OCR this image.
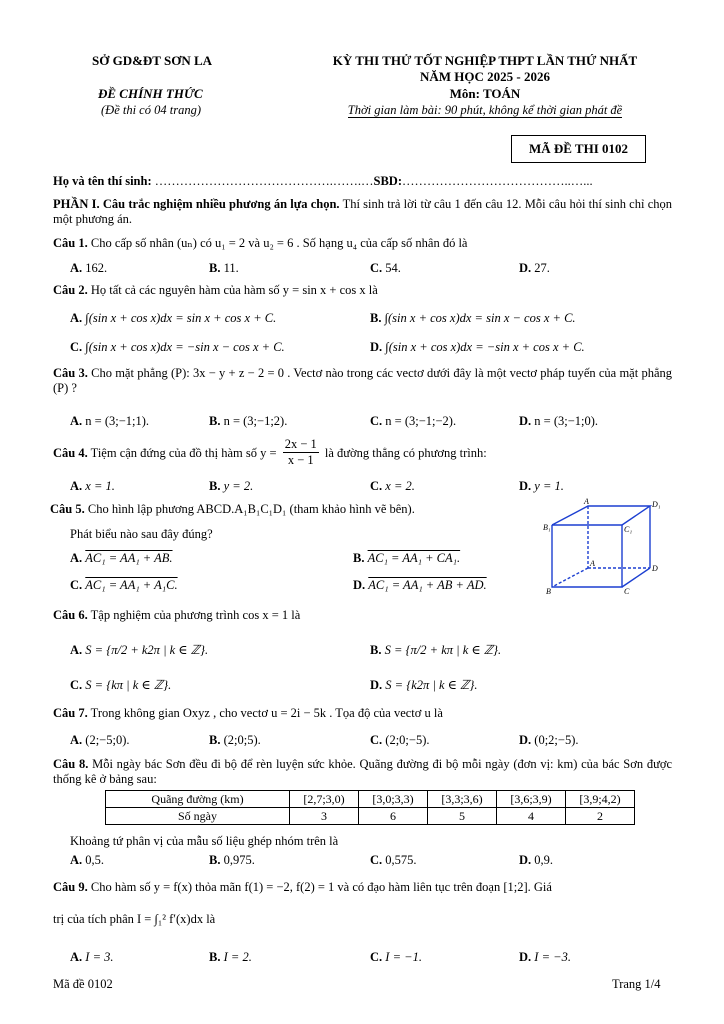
SỞ GD&ĐT SƠN LA
ĐỀ CHÍNH THỨC
(Đề thi có 04 trang)
KỲ THI THỬ TỐT NGHIỆP THPT LẦN THỨ NHẤT
NĂM HỌC 2025 - 2026
Môn: TOÁN
Thời gian làm bài: 90 phút, không kể thời gian phát đề
MÃ ĐỀ THI 0102
Họ và tên thí sinh: …………………………………….…….…SBD:…………………………………..…...
PHẦN I. Câu trắc nghiệm nhiều phương án lựa chọn. Thí sinh trả lời từ câu 1 đến câu 12. Mỗi câu hỏi thí sinh chỉ chọn một phương án.
Câu 1. Cho cấp số nhân (uₙ) có u₁ = 2 và u₂ = 6 . Số hạng u₄ của cấp số nhân đó là
A. 162.	B. 11.	C. 54.	D. 27.
Câu 2. Họ tất cả các nguyên hàm của hàm số y = sin x + cos x là
A. ∫(sin x + cos x)dx = sin x + cos x + C.	B. ∫(sin x + cos x)dx = sin x − cos x + C.
C. ∫(sin x + cos x)dx = −sin x − cos x + C.	D. ∫(sin x + cos x)dx = −sin x + cos x + C.
Câu 3. Cho mặt phẳng (P): 3x − y + z − 2 = 0 . Vectơ nào trong các vectơ dưới đây là một vectơ pháp tuyến của mặt phẳng (P) ?
A. n = (3;−1;1).	B. n = (3;−1;2).	C. n = (3;−1;−2).	D. n = (3;−1;0).
Câu 4. Tiệm cận đứng của đồ thị hàm số $y = \frac{2x - 1}{x - 1}$ là đường thẳng có phương trình:
A. x = 1.	B. y = 2.	C. x = 2.	D. y = 1.
Câu 5. Cho hình lập phương ABCD.A₁B₁C₁D₁ (tham khảo hình vẽ bên).
Phát biểu nào sau đây đúng?
A. AC₁ = AA₁ + AB.	B. AC₁ = AA₁ + CA₁.
C. AC₁ = AA₁ + A₁C.	D. AC₁ = AA₁ + AB + AD.
A	D₁
B₁	C₁
A
D
B	C
Câu 6. Tập nghiệm của phương trình cos x = 1 là
A. S = {π/2 + k2π | k ∈ ℤ}.	B. S = {π/2 + kπ | k ∈ ℤ}.
C. S = {kπ | k ∈ ℤ}.	D. S = {k2π | k ∈ ℤ}.
Câu 7. Trong không gian Oxyz , cho vectơ u = 2i − 5k . Tọa độ của vectơ u là
A. (2;−5;0).	B. (2;0;5).	C. (2;0;−5).	D. (0;2;−5).
Câu 8. Mỗi ngày bác Sơn đều đi bộ để rèn luyện sức khỏe. Quãng đường đi bộ mỗi ngày (đơn vị: km) của bác Sơn được thống kê ở bảng sau:
Quãng đường (km)	[2,7;3,0)	[3,0;3,3)	[3,3;3,6)	[3,6;3,9)	[3,9;4,2)
Số ngày	3	6	5	4	2
Khoảng tứ phân vị của mẫu số liệu ghép nhóm trên là
A. 0,5.	B. 0,975.	C. 0,575.	D. 0,9.
Câu 9. Cho hàm số y = f(x) thỏa mãn f(1) = −2, f(2) = 1 và có đạo hàm liên tục trên đoạn [1;2]. Giá
trị của tích phân I = ∫₁² f′(x)dx là
A. I = 3.	B. I = 2.	C. I = −1.	D. I = −3.
Mã đề 0102	Trang 1/4
